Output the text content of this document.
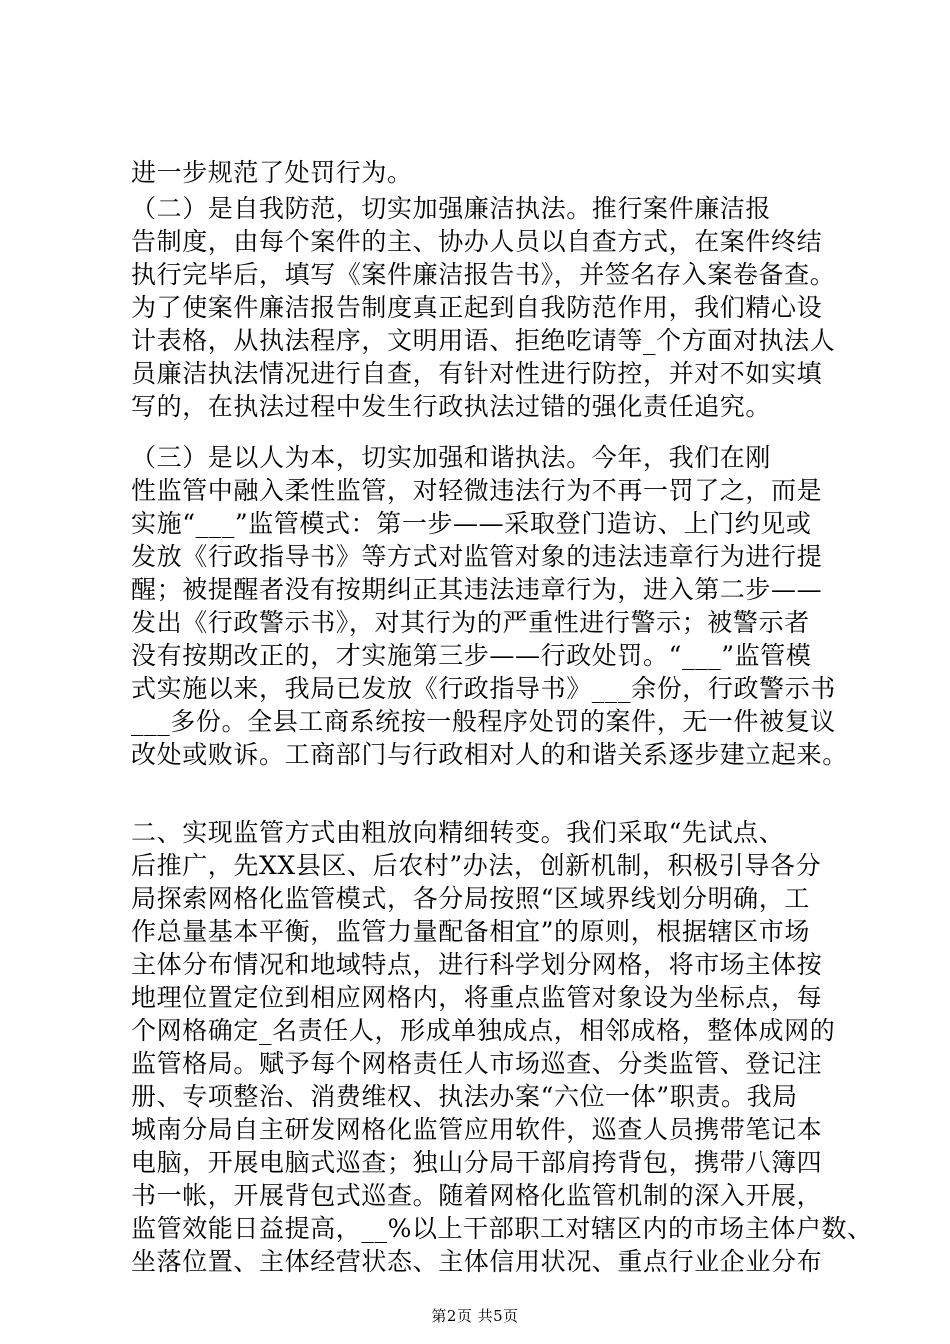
进一步规范了处罚行为。
（二）是自我防范，切实加强廉洁执法。推行案件廉洁报
告制度，由每个案件的主、协办人员以自查方式，在案件终结
执行完毕后，填写《案件廉洁报告书》，并签名存入案卷备查。
为了使案件廉洁报告制度真正起到自我防范作用，我们精心设
计表格，从执法程序，文明用语、拒绝吃请等_个方面对执法人
员廉洁执法情况进行自查，有针对性进行防控，并对不如实填
写的，在执法过程中发生行政执法过错的强化责任追究。
（三）是以人为本，切实加强和谐执法。今年，我们在刚
性监管中融入柔性监管，对轻微违法行为不再一罚了之，而是
实施“___”监管模式：第一步——采取登门造访、上门约见或
发放《行政指导书》等方式对监管对象的违法违章行为进行提
醒；被提醒者没有按期纠正其违法违章行为，进入第二步——
发出《行政警示书》，对其行为的严重性进行警示；被警示者
没有按期改正的，才实施第三步——行政处罚。“___”监管模
式实施以来，我局已发放《行政指导书》___余份，行政警示书
___多份。全县工商系统按一般程序处罚的案件，无一件被复议
改处或败诉。工商部门与行政相对人的和谐关系逐步建立起来。
二、实现监管方式由粗放向精细转变。我们采取“先试点、
后推广，先XX县区、后农村”办法，创新机制，积极引导各分
局探索网格化监管模式，各分局按照“区域界线划分明确，工
作总量基本平衡，监管力量配备相宜”的原则，根据辖区市场
主体分布情况和地域特点，进行科学划分网格，将市场主体按
地理位置定位到相应网格内，将重点监管对象设为坐标点，每
个网格确定_名责任人，形成单独成点，相邻成格，整体成网的
监管格局。赋予每个网格责任人市场巡查、分类监管、登记注
册、专项整治、消费维权、执法办案“六位一体”职责。我局
城南分局自主研发网格化监管应用软件，巡查人员携带笔记本
电脑，开展电脑式巡查；独山分局干部肩挎背包，携带八簿四
书一帐，开展背包式巡查。随着网格化监管机制的深入开展，
监管效能日益提高，__%以上干部职工对辖区内的市场主体户数、
坐落位置、主体经营状态、主体信用状况、重点行业企业分布
第2页 共5页
